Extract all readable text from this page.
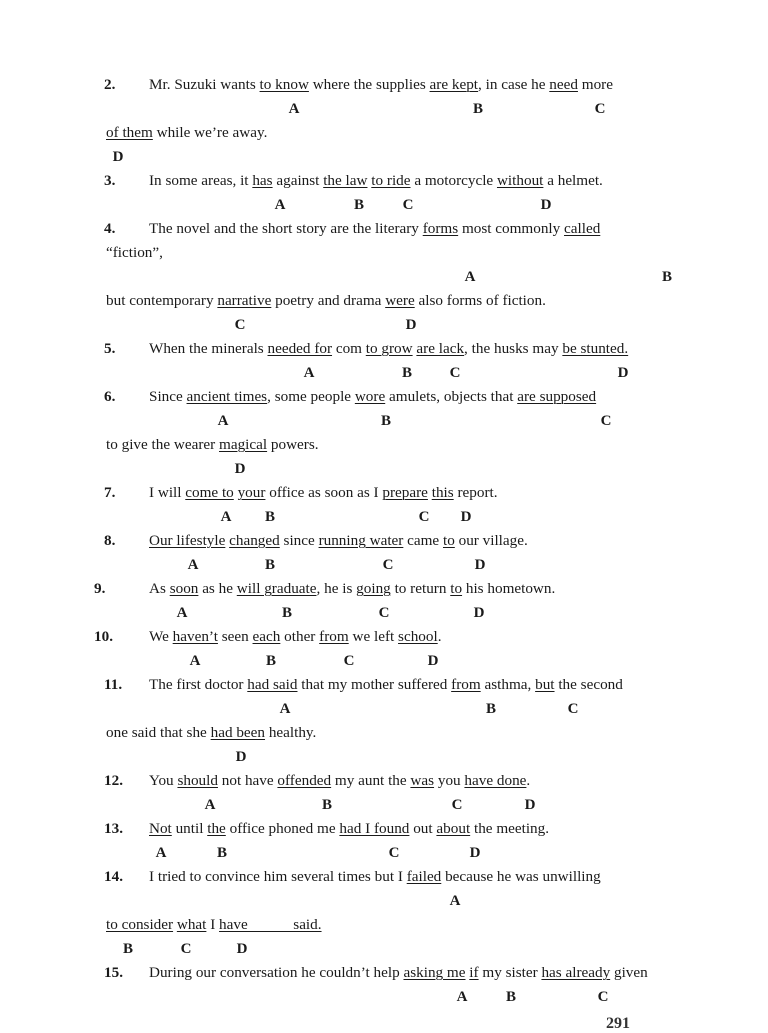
2. Mr. Suzuki wants to know where the supplies are kept, in case he need more
A	B	C
of them while we’re away.
D
3. In some areas, it has against the law to ride a motorcycle without a helmet.
A	B	C	D
4. The novel and the short story are the literary forms most commonly called
“fiction”,
A	B
but contemporary narrative poetry and drama were also forms of fiction.
C	D
5. When the minerals needed for com to grow are lack, the husks may be stunted.
A	B	C	D
6. Since ancient times, some people wore amulets, objects that are supposed
A	B	C
to give the wearer magical powers.
D
7. I will come to your office as soon as I prepare this report.
A B	C D
8. Our lifestyle changed since running water came to our village.
A	B	C	D
9.	As soon as he will graduate, he is going to return to his hometown.
A	B	C	D
10. We haven’t seen each other from we left school.
A	B	C	D
11. The first doctor had said that my mother suffered from asthma, but the second
A	B	C
one said that she had been healthy.
D
12. You should not have offended my aunt the was you have done.
A	B	C	D
13. Not until the office phoned me had I found out about the meeting.
A	B	C	D
14. I tried to convince him several times but I failed because he was unwilling
A
to consider what I have            said.
B	C	D
15. During our conversation he couldn’t help asking me if my sister has already given
A	B	C
291
